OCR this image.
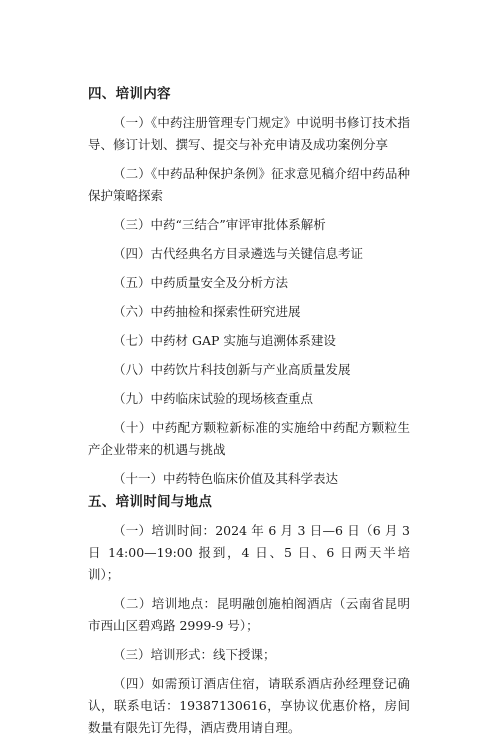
四、培训内容

（一）《中药注册管理专门规定》中说明书修订技术指导、修订计划、撰写、提交与补充申请及成功案例分享

（二）《中药品种保护条例》征求意见稿介绍中药品种保护策略探索

（三）中药“三结合”审评审批体系解析

（四）古代经典名方目录遴选与关键信息考证

（五）中药质量安全及分析方法

（六）中药抽检和探索性研究进展

（七）中药材 GAP 实施与追溯体系建设

（八）中药饮片科技创新与产业高质量发展

（九）中药临床试验的现场核查重点

（十）中药配方颗粒新标准的实施给中药配方颗粒生产企业带来的机遇与挑战

（十一）中药特色临床价值及其科学表达

五、培训时间与地点

（一）培训时间：2024 年 6 月 3 日—6 日（6 月 3 日 14:00—19:00 报到，4 日、5 日、6 日两天半培训）；

（二）培训地点：昆明融创施柏阁酒店（云南省昆明市西山区碧鸡路 2999-9 号）；

（三）培训形式：线下授课；

（四）如需预订酒店住宿，请联系酒店孙经理登记确认，联系电话：19387130616，享协议优惠价格，房间数量有限先订先得，酒店费用请自理。
